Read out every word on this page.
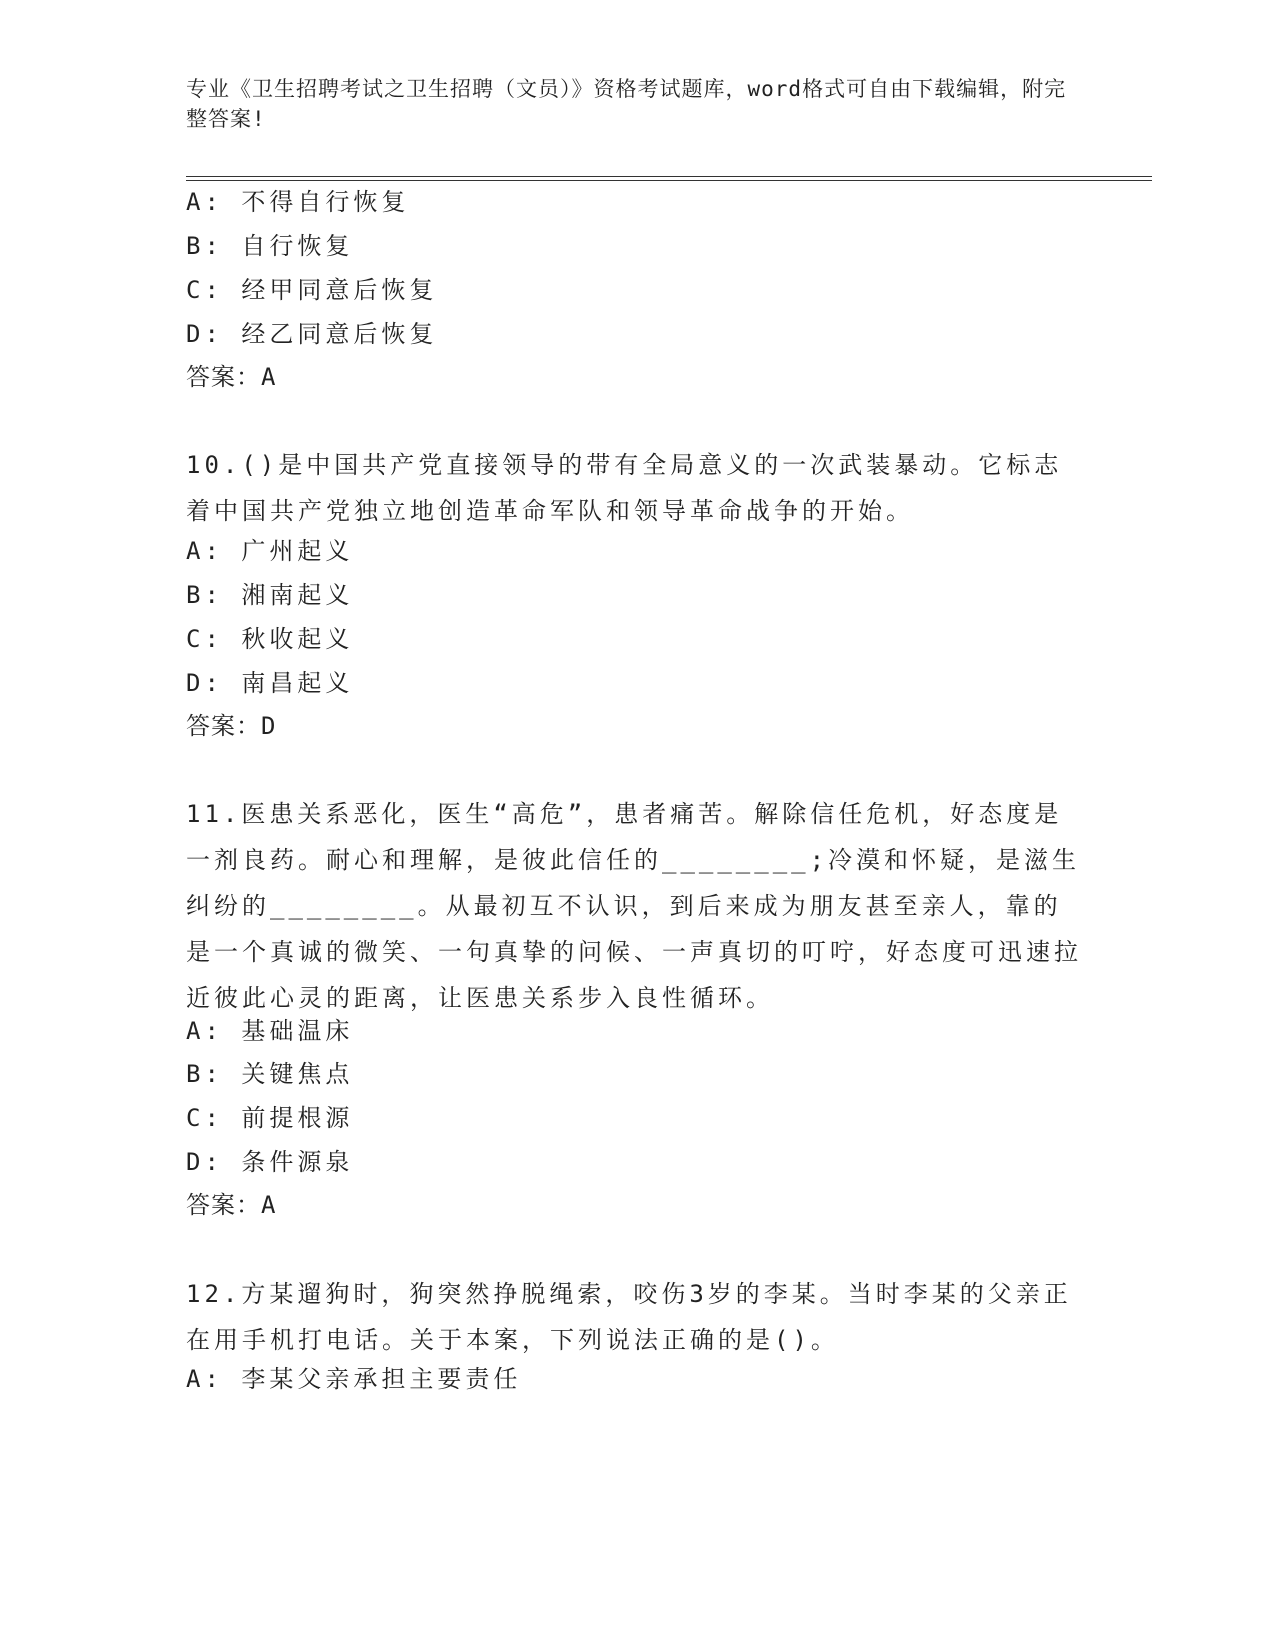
专业《卫生招聘考试之卫生招聘（文员）》资格考试题库，word格式可自由下载编辑，附完整答案!
A: 不得自行恢复
B: 自行恢复
C: 经甲同意后恢复
D: 经乙同意后恢复
答案：A
10.()是中国共产党直接领导的带有全局意义的一次武装暴动。它标志着中国共产党独立地创造革命军队和领导革命战争的开始。
A: 广州起义
B: 湘南起义
C: 秋收起义
D: 南昌起义
答案：D
11.医患关系恶化，医生“高危”，患者痛苦。解除信任危机，好态度是一剂良药。耐心和理解，是彼此信任的________;冷漠和怀疑，是滋生纠纷的________。从最初互不认识，到后来成为朋友甚至亲人，靠的是一个真诚的微笑、一句真挚的问候、一声真切的叮咛，好态度可迅速拉近彼此心灵的距离，让医患关系步入良性循环。
A: 基础温床
B: 关键焦点
C: 前提根源
D: 条件源泉
答案：A
12.方某遛狗时，狗突然挣脱绳索，咬伤3岁的李某。当时李某的父亲正在用手机打电话。关于本案，下列说法正确的是()。
A: 李某父亲承担主要责任
